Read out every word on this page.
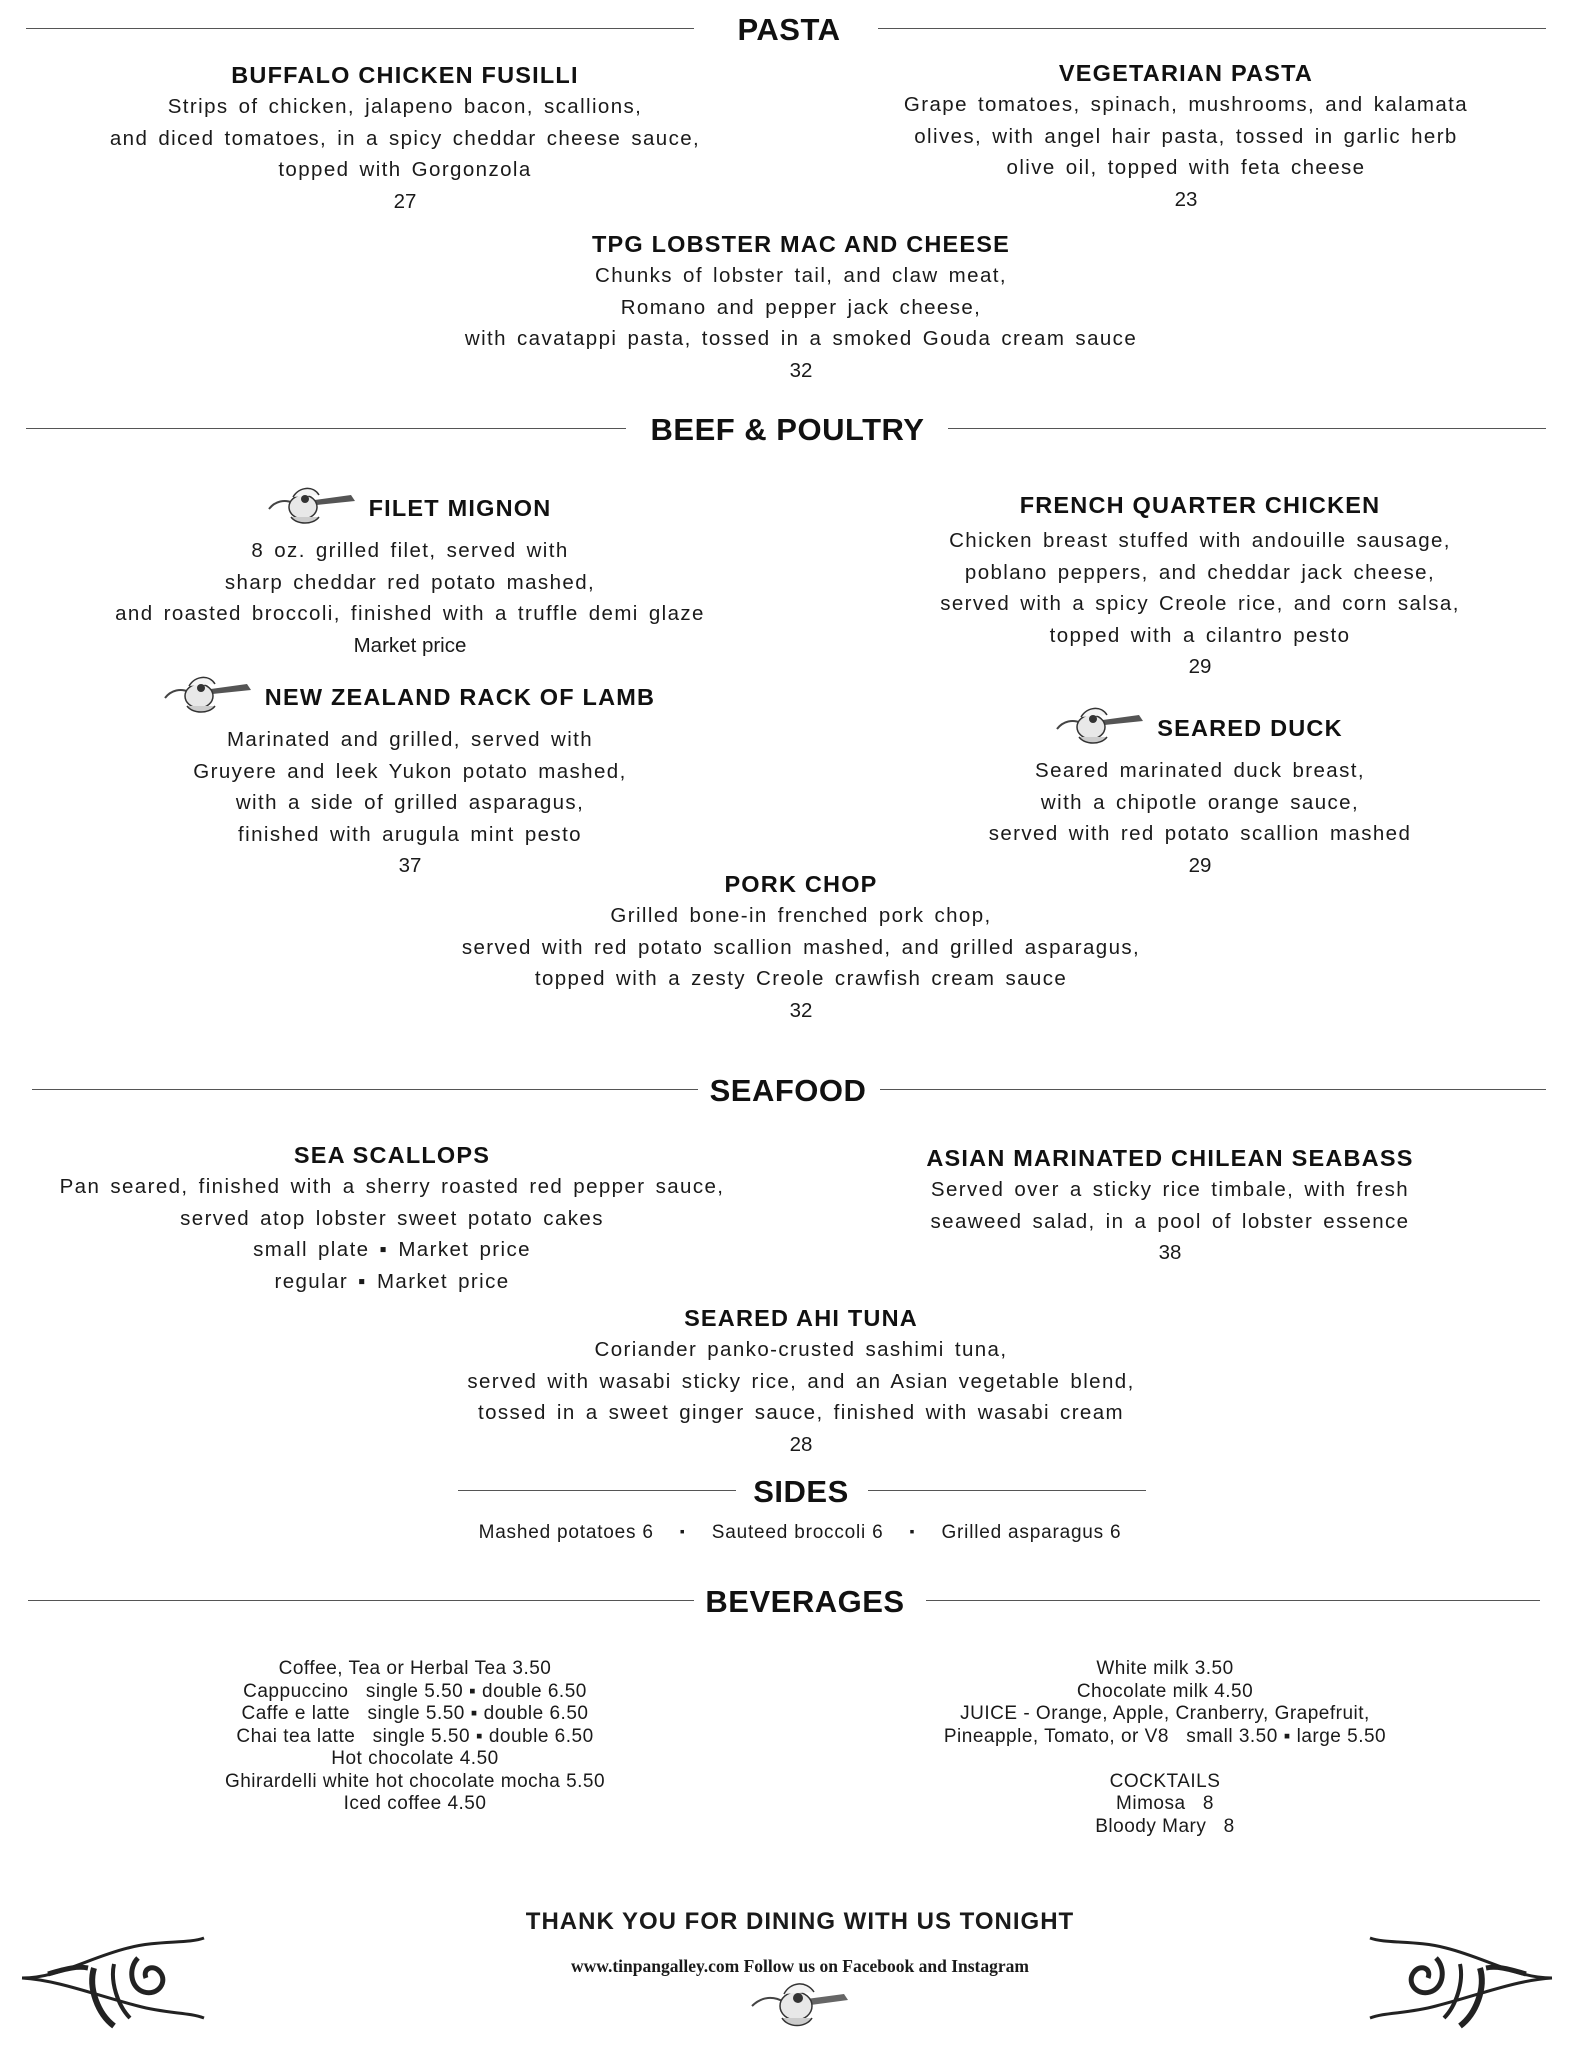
PASTA
BUFFALO CHICKEN FUSILLI
Strips of chicken, jalapeno bacon, scallions,
and diced tomatoes, in a spicy cheddar cheese sauce,
topped with Gorgonzola
27
VEGETARIAN PASTA
Grape tomatoes, spinach, mushrooms, and kalamata
olives, with angel hair pasta, tossed in garlic herb
olive oil, topped with feta cheese
23
TPG LOBSTER MAC AND CHEESE
Chunks of lobster tail, and claw meat,
Romano and pepper jack cheese,
with cavatappi pasta, tossed in a smoked Gouda cream sauce
32
BEEF & POULTRY
FILET MIGNON
8 oz. grilled filet, served with
sharp cheddar red potato mashed,
and roasted broccoli, finished with a truffle demi glaze
Market price
FRENCH QUARTER CHICKEN
Chicken breast stuffed with andouille sausage,
poblano peppers, and cheddar jack cheese,
served with a spicy Creole rice, and corn salsa,
topped with a cilantro pesto
29
NEW ZEALAND RACK OF LAMB
Marinated and grilled, served with
Gruyere and leek Yukon potato mashed,
with a side of grilled asparagus,
finished with arugula mint pesto
37
SEARED DUCK
Seared marinated duck breast,
with a chipotle orange sauce,
served with red potato scallion mashed
29
PORK CHOP
Grilled bone-in frenched pork chop,
served with red potato scallion mashed, and grilled asparagus,
topped with a zesty Creole crawfish cream sauce
32
SEAFOOD
SEA SCALLOPS
Pan seared, finished with a sherry roasted red pepper sauce,
served atop lobster sweet potato cakes
small plate ▪ Market price
regular ▪ Market price
ASIAN MARINATED CHILEAN SEABASS
Served over a sticky rice timbale, with fresh
seaweed salad, in a pool of lobster essence
38
SEARED AHI TUNA
Coriander panko-crusted sashimi tuna,
served with wasabi sticky rice, and an Asian vegetable blend,
tossed in a sweet ginger sauce, finished with wasabi cream
28
SIDES
Mashed potatoes 6 ▪ Sauteed broccoli 6 ▪ Grilled asparagus 6
BEVERAGES
Coffee, Tea or Herbal Tea 3.50
Cappuccino   single 5.50 ▪ double 6.50
Caffe e latte   single 5.50 ▪ double 6.50
Chai tea latte   single 5.50 ▪ double 6.50
Hot chocolate 4.50
Ghirardelli white hot chocolate mocha 5.50
Iced coffee 4.50
White milk 3.50
Chocolate milk 4.50
JUICE - Orange, Apple, Cranberry, Grapefruit,
Pineapple, Tomato, or V8   small 3.50 ▪ large 5.50
COCKTAILS
Mimosa   8
Bloody Mary   8
THANK YOU FOR DINING WITH US TONIGHT
www.tinpangalley.com Follow us on Facebook and Instagram
